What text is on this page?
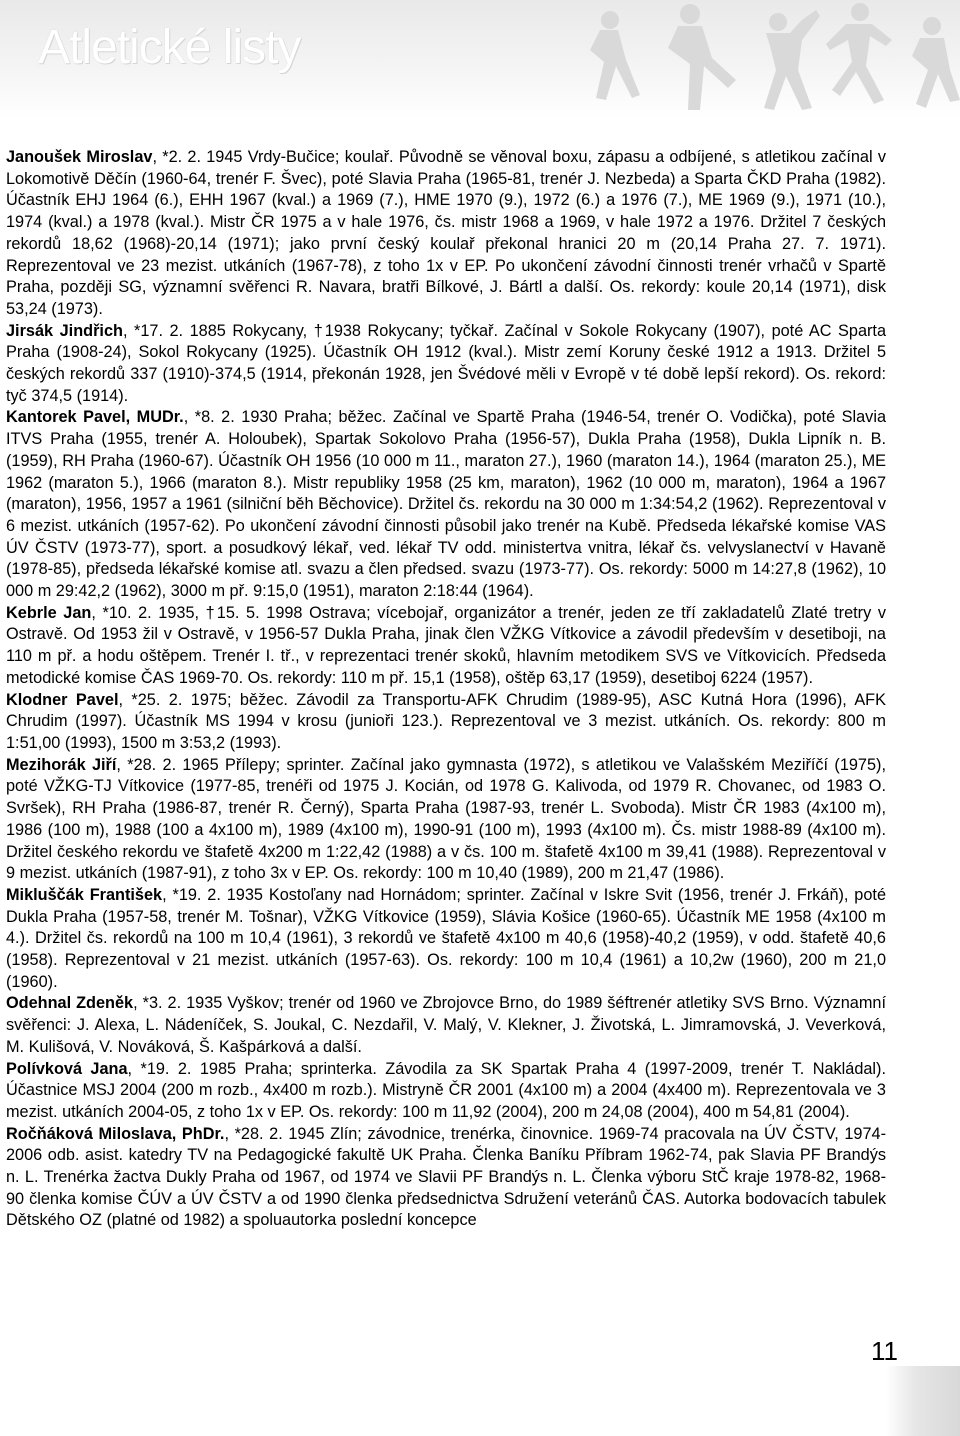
Atletické listy

Janoušek Miroslav, *2. 2. 1945 Vrdy-Bučice; koulař. Původně se věnoval boxu, zápasu a odbíjené, s atletikou začínal v Lokomotivě Děčín (1960-64, trenér F. Švec), poté Slavia Praha (1965-81, trenér J. Nezbeda) a Sparta ČKD Praha (1982). Účastník EHJ 1964 (6.), EHH 1967 (kval.) a 1969 (7.), HME 1970 (9.), 1972 (6.) a 1976 (7.), ME 1969 (9.), 1971 (10.), 1974 (kval.) a 1978 (kval.). Mistr ČR 1975 a v hale 1976, čs. mistr 1968 a 1969, v hale 1972 a 1976. Držitel 7 českých rekordů 18,62 (1968)-20,14 (1971); jako první český koulař překonal hranici 20 m (20,14 Praha 27. 7. 1971). Reprezentoval ve 23 mezist. utkáních (1967-78), z toho 1x v EP. Po ukončení závodní činnosti trenér vrhačů v Spartě Praha, později SG, významní svěřenci R. Navara, bratři Bílkové, J. Bártl a další. Os. rekordy: koule 20,14 (1971), disk 53,24 (1973).

Jirsák Jindřich, *17. 2. 1885 Rokycany, †1938 Rokycany; tyčkař. Začínal v Sokole Rokycany (1907), poté AC Sparta Praha (1908-24), Sokol Rokycany (1925). Účastník OH 1912 (kval.). Mistr zemí Koruny české 1912 a 1913. Držitel 5 českých rekordů 337 (1910)-374,5 (1914, překonán 1928, jen Švédové měli v Evropě v té době lepší rekord). Os. rekord: tyč 374,5 (1914).

Kantorek Pavel, MUDr., *8. 2. 1930 Praha; běžec. Začínal ve Spartě Praha (1946-54, trenér O. Vodička), poté Slavia ITVS Praha (1955, trenér A. Holoubek), Spartak Sokolovo Praha (1956-57), Dukla Praha (1958), Dukla Lipník n. B. (1959), RH Praha (1960-67). Účastník OH 1956 (10 000 m 11., maraton 27.), 1960 (maraton 14.), 1964 (maraton 25.), ME 1962 (maraton 5.), 1966 (maraton 8.). Mistr republiky 1958 (25 km, maraton), 1962 (10 000 m, maraton), 1964 a 1967 (maraton), 1956, 1957 a 1961 (silniční běh Běchovice). Držitel čs. rekordu na 30 000 m 1:34:54,2 (1962). Reprezentoval v 6 mezist. utkáních (1957-62). Po ukončení závodní činnosti působil jako trenér na Kubě. Předseda lékařské komise VAS ÚV ČSTV (1973-77), sport. a posudkový lékař, ved. lékař TV odd. ministertva vnitra, lékař čs. velvyslanectví v Havaně (1978-85), předseda lékařské komise atl. svazu a člen předsed. svazu (1973-77). Os. rekordy: 5000 m 14:27,8 (1962), 10 000 m 29:42,2 (1962), 3000 m př. 9:15,0 (1951), maraton 2:18:44 (1964).

Kebrle Jan, *10. 2. 1935, †15. 5. 1998 Ostrava; vícebojař, organizátor a trenér, jeden ze tří zakladatelů Zlaté tretry v Ostravě. Od 1953 žil v Ostravě, v 1956-57 Dukla Praha, jinak člen VŽKG Vítkovice a závodil především v desetiboji, na 110 m př. a hodu oštěpem. Trenér I. tř., v reprezentaci trenér skoků, hlavním metodikem SVS ve Vítkovicích. Předseda metodické komise ČAS 1969-70. Os. rekordy: 110 m př. 15,1 (1958), oštěp 63,17 (1959), desetiboj 6224 (1957).

Klodner Pavel, *25. 2. 1975; běžec. Závodil za Transportu-AFK Chrudim (1989-95), ASC Kutná Hora (1996), AFK Chrudim (1997). Účastník MS 1994 v krosu (junioři 123.). Reprezentoval ve 3 mezist. utkáních. Os. rekordy: 800 m 1:51,00 (1993), 1500 m 3:53,2 (1993).

Mezihorák Jiří, *28. 2. 1965 Přílepy; sprinter. Začínal jako gymnasta (1972), s atletikou ve Valašském Meziříčí (1975), poté VŽKG-TJ Vítkovice (1977-85, trenéři od 1975 J. Kocián, od 1978 G. Kalivoda, od 1979 R. Chovanec, od 1983 O. Svršek), RH Praha (1986-87, trenér R. Černý), Sparta Praha (1987-93, trenér L. Svoboda). Mistr ČR 1983 (4x100 m), 1986 (100 m), 1988 (100 a 4x100 m), 1989 (4x100 m), 1990-91 (100 m), 1993 (4x100 m). Čs. mistr 1988-89 (4x100 m). Držitel českého rekordu ve štafetě 4x200 m 1:22,42 (1988) a v čs. 100 m. štafetě 4x100 m 39,41 (1988). Reprezentoval v 9 mezist. utkáních (1987-91), z toho 3x v EP. Os. rekordy: 100 m 10,40 (1989), 200 m 21,47 (1986).

Mikluščák František, *19. 2. 1935 Kostoľany nad Hornádom; sprinter. Začínal v Iskre Svit (1956, trenér J. Frkáň), poté Dukla Praha (1957-58, trenér M. Tošnar), VŽKG Vítkovice (1959), Slávia Košice (1960-65). Účastník ME 1958 (4x100 m 4.). Držitel čs. rekordů na 100 m 10,4 (1961), 3 rekordů ve štafetě 4x100 m 40,6 (1958)-40,2 (1959), v odd. štafetě 40,6 (1958). Reprezentoval v 21 mezist. utkáních (1957-63). Os. rekordy: 100 m 10,4 (1961) a 10,2w (1960), 200 m 21,0 (1960).

Odehnal Zdeněk, *3. 2. 1935 Vyškov; trenér od 1960 ve Zbrojovce Brno, do 1989 šéftrenér atletiky SVS Brno. Významní svěřenci: J. Alexa, L. Nádeníček, S. Joukal, C. Nezdařil, V. Malý, V. Klekner, J. Životská, L. Jimramovská, J. Veverková, M. Kulišová, V. Nováková, Š. Kašpárková a další.

Polívková Jana, *19. 2. 1985 Praha; sprinterka. Závodila za SK Spartak Praha 4 (1997-2009, trenér T. Nakládal). Účastnice MSJ 2004 (200 m rozb., 4x400 m rozb.). Mistryně ČR 2001 (4x100 m) a 2004 (4x400 m). Reprezentovala ve 3 mezist. utkáních 2004-05, z toho 1x v EP. Os. rekordy: 100 m 11,92 (2004), 200 m 24,08 (2004), 400 m 54,81 (2004).

Ročňáková Miloslava, PhDr., *28. 2. 1945 Zlín; závodnice, trenérka, činovnice. 1969-74 pracovala na ÚV ČSTV, 1974-2006 odb. asist. katedry TV na Pedagogické fakultě UK Praha. Členka Baníku Příbram 1962-74, pak Slavia PF Brandýs n. L. Trenérka žactva Dukly Praha od 1967, od 1974 ve Slavii PF Brandýs n. L. Členka výboru StČ kraje 1978-82, 1968-90 členka komise ČÚV a ÚV ČSTV a od 1990 členka předsednictva Sdružení veteránů ČAS. Autorka bodovacích tabulek Dětského OZ (platné od 1982) a spoluautorka poslední koncepce

11
